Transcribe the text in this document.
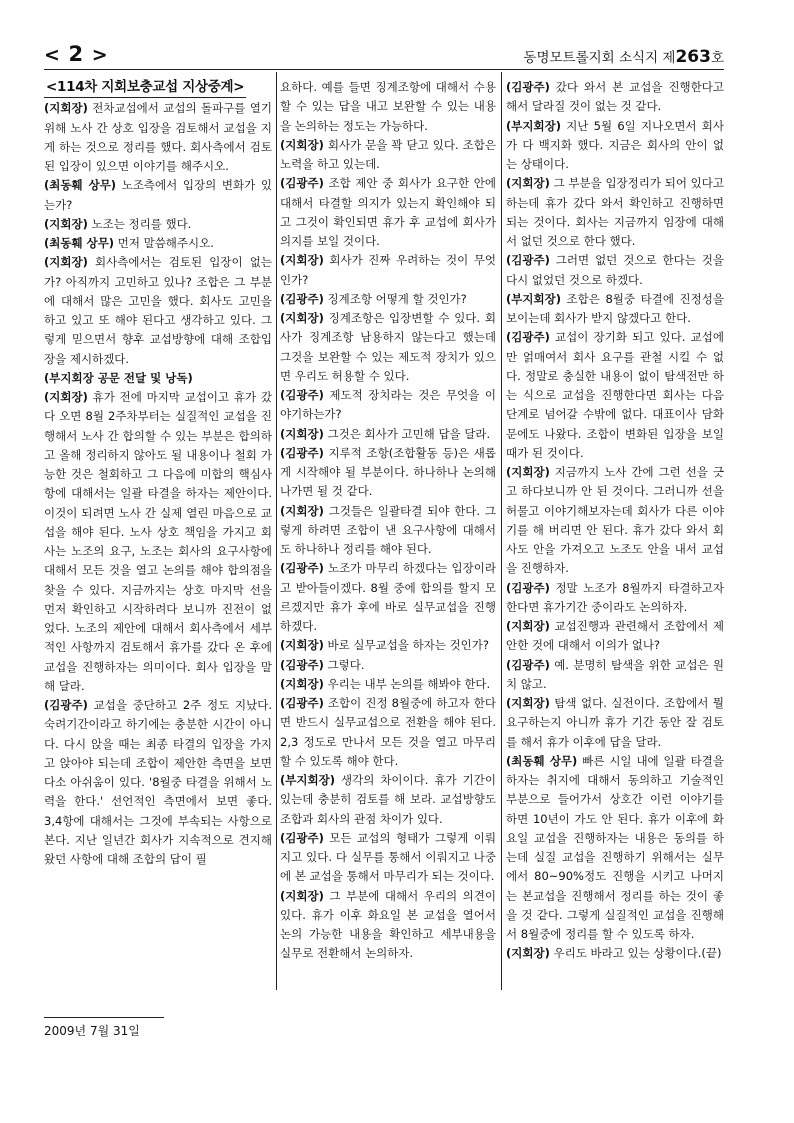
< 2 >	동명모트롤지회 소식지 제263호
<114차 지회보충교섭 지상중계>

(지회장) 전차교섭에서 교섭의 돌파구를 열기위해 노사 간 상호 입장을 검토해서 교섭을 지게 하는 것으로 정리를 했다. 회사측에서 검토된 입장이 있으면 이야기를 해주시오.

(최동훼 상무) 노조측에서 입장의 변화가 있는가?

(지회장) 노조는 정리를 했다.

(최동훼 상무) 먼저 말씀해주시오.

(지회장) 회사측에서는 검토된 입장이 없는가? 아직까지 고민하고 있나? 조합은 그 부분에 대해서 많은 고민을 했다. 회사도 고민을 하고 있고 또 해야 된다고 생각하고 있다. 그렇게 믿으면서 향후 교섭방향에 대해 조합입장을 제시하겠다.

(부지회장 공문 전달 및 낭독)

(지회장) 휴가 전에 마지막 교섭이고 휴가 갔다 오면 8월 2주차부터는 실질적인 교섭을 진행해서 노사 간 합의할 수 있는 부분은 합의하고 올해 정리하지 않아도 될 내용이나 철회 가능한 것은 철회하고 그 다음에 미합의 핵심사항에 대해서는 일괄 타결을 하자는 제안이다. 이것이 되려면 노사 간 실제 열린 마음으로 교섭을 해야 된다. 노사 상호 책임을 가지고 회사는 노조의 요구, 노조는 회사의 요구사항에 대해서 모든 것을 열고 논의를 해야 합의점을 찾을 수 있다. 지금까지는 상호 마지막 선을 먼저 확인하고 시작하려다 보니까 진전이 없었다. 노조의 제안에 대해서 회사측에서 세부적인 사항까지 검토해서 휴가를 갔다 온 후에 교섭을 진행하자는 의미이다. 회사 입장을 말해 달라.

(김광주) 교섭을 중단하고 2주 정도 지났다. 숙려기간이라고 하기에는 충분한 시간이 아니다. 다시 앉을 때는 최종 타결의 입장을 가지고 앉아야 되는데 조합이 제안한 측면을 보면 다소 아쉬움이 있다. '8월중 타결을 위해서 노력을 한다.' 선언적인 측면에서 보면 좋다. 3,4항에 대해서는 그것에 부속되는 사항으로 본다. 지난 일년간 회사가 지속적으로 견지해왔던 사항에 대해 조합의 답이 필

요하다. 예를 들면 징계조항에 대해서 수용할 수 있는 답을 내고 보완할 수 있는 내용을 논의하는 정도는 가능하다.

(지회장) 회사가 문을 꽉 닫고 있다. 조합은 노력을 하고 있는데.

(김광주) 조합 제안 중 회사가 요구한 안에 대해서 타결할 의지가 있는지 확인해야 되고 그것이 확인되면 휴가 후 교섭에 회사가 의지를 보일 것이다.

(지회장) 회사가 진짜 우려하는 것이 무엇인가?

(김광주) 징계조항 어떻게 할 것인가?

(지회장) 징계조항은 입장변할 수 있다. 회사가 징계조항 남용하지 않는다고 했는데 그것을 보완할 수 있는 제도적 장치가 있으면 우리도 허용할 수 있다.

(김광주) 제도적 장치라는 것은 무엇을 이야기하는가?

(지회장) 그것은 회사가 고민해 답을 달라.

(김광주) 지루적 조항(조합활동 등)은 새롭게 시작해야 될 부분이다. 하나하나 논의해 나가면 될 것 같다.

(지회장) 그것들은 일괄타결 되야 한다. 그렇게 하려면 조합이 낸 요구사항에 대해서도 하나하나 정리를 해야 된다.

(김광주) 노조가 마무리 하겠다는 입장이라고 받아들이겠다. 8월 중에 합의를 할지 모르겠지만 휴가 후에 바로 실무교섭을 진행하겠다.

(지회장) 바로 실무교섭을 하자는 것인가?

(김광주) 그렇다.

(지회장) 우리는 내부 논의를 해봐야 한다.

(김광주) 조합이 진정 8월중에 하고자 한다면 반드시 실무교섭으로 전환을 해야 된다. 2,3 정도로 만나서 모든 것을 열고 마무리 할 수 있도록 해야 한다.

(부지회장) 생각의 차이이다. 휴가 기간이 있는데 충분히 검토를 해 보라. 교섭방향도 조합과 회사의 관점 차이가 있다.

(김광주) 모든 교섭의 형태가 그렇게 이뤄지고 있다. 다 실무를 통해서 이뤄지고 나중에 본 교섭을 통해서 마무리가 되는 것이다.

(지회장) 그 부분에 대해서 우리의 의견이 있다. 휴가 이후 화요일 본 교섭을 열어서 논의 가능한 내용을 확인하고 세부내용을 실무로 전환해서 논의하자.

(김광주) 갔다 와서 본 교섭을 진행한다고 해서 달라질 것이 없는 것 같다.

(부지회장) 지난 5월 6일 지나오면서 회사가 다 백지화 했다. 지금은 회사의 안이 없는 상태이다.

(지회장) 그 부분을 입장정리가 되어 있다고 하는데 휴가 갔다 와서 확인하고 진행하면 되는 것이다. 회사는 지금까지 임장에 대해서 없던 것으로 한다 했다.

(김광주) 그러면 없던 것으로 한다는 것을 다시 없었던 것으로 하겠다.

(부지회장) 조합은 8월중 타결에 진정성을 보이는데 회사가 받지 않겠다고 한다.

(김광주) 교섭이 장기화 되고 있다. 교섭에 만 얽매여서 회사 요구를 관철 시킬 수 없다. 정말로 충실한 내용이 없이 탐색전만 하는 식으로 교섭을 진행한다면 회사는 다음 단계로 넘어갈 수밖에 없다. 대표이사 담화문에도 나왔다. 조합이 변화된 입장을 보일 때가 된 것이다.

(지회장) 지금까지 노사 간에 그런 선을 긋고 하다보니까 안 된 것이다. 그러니까 선을 허물고 이야기해보자는데 회사가 다른 이야기를 해 버리면 안 된다. 휴가 갔다 와서 회사도 안을 가져오고 노조도 안을 내서 교섭을 진행하자.

(김광주) 정말 노조가 8월까지 타결하고자 한다면 휴가기간 중이라도 논의하자.

(지회장) 교섭진행과 관련해서 조합에서 제안한 것에 대해서 이의가 없나?

(김광주) 예. 분명히 탐색을 위한 교섭은 원치 않고.

(지회장) 탐색 없다. 실전이다. 조합에서 뭘 요구하는지 아니까 휴가 기간 동안 잘 검토를 해서 휴가 이후에 답을 달라.

(최동훼 상무) 빠른 시일 내에 일괄 타결을 하자는 취지에 대해서 동의하고 기술적인 부분으로 들어가서 상호간 이런 이야기를 하면 10년이 가도 안 된다. 휴가 이후에 화요일 교섭을 진행하자는 내용은 동의를 하는데 실질 교섭을 진행하기 위해서는 실무에서 80~90%정도 진행을 시키고 나머지는 본교섭을 진행해서 정리를 하는 것이 좋을 것 같다. 그렇게 실질적인 교섭을 진행해서 8월중에 정리를 할 수 있도록 하자.

(지회장) 우리도 바라고 있는 상황이다.(끝)

2009년 7월 31일
